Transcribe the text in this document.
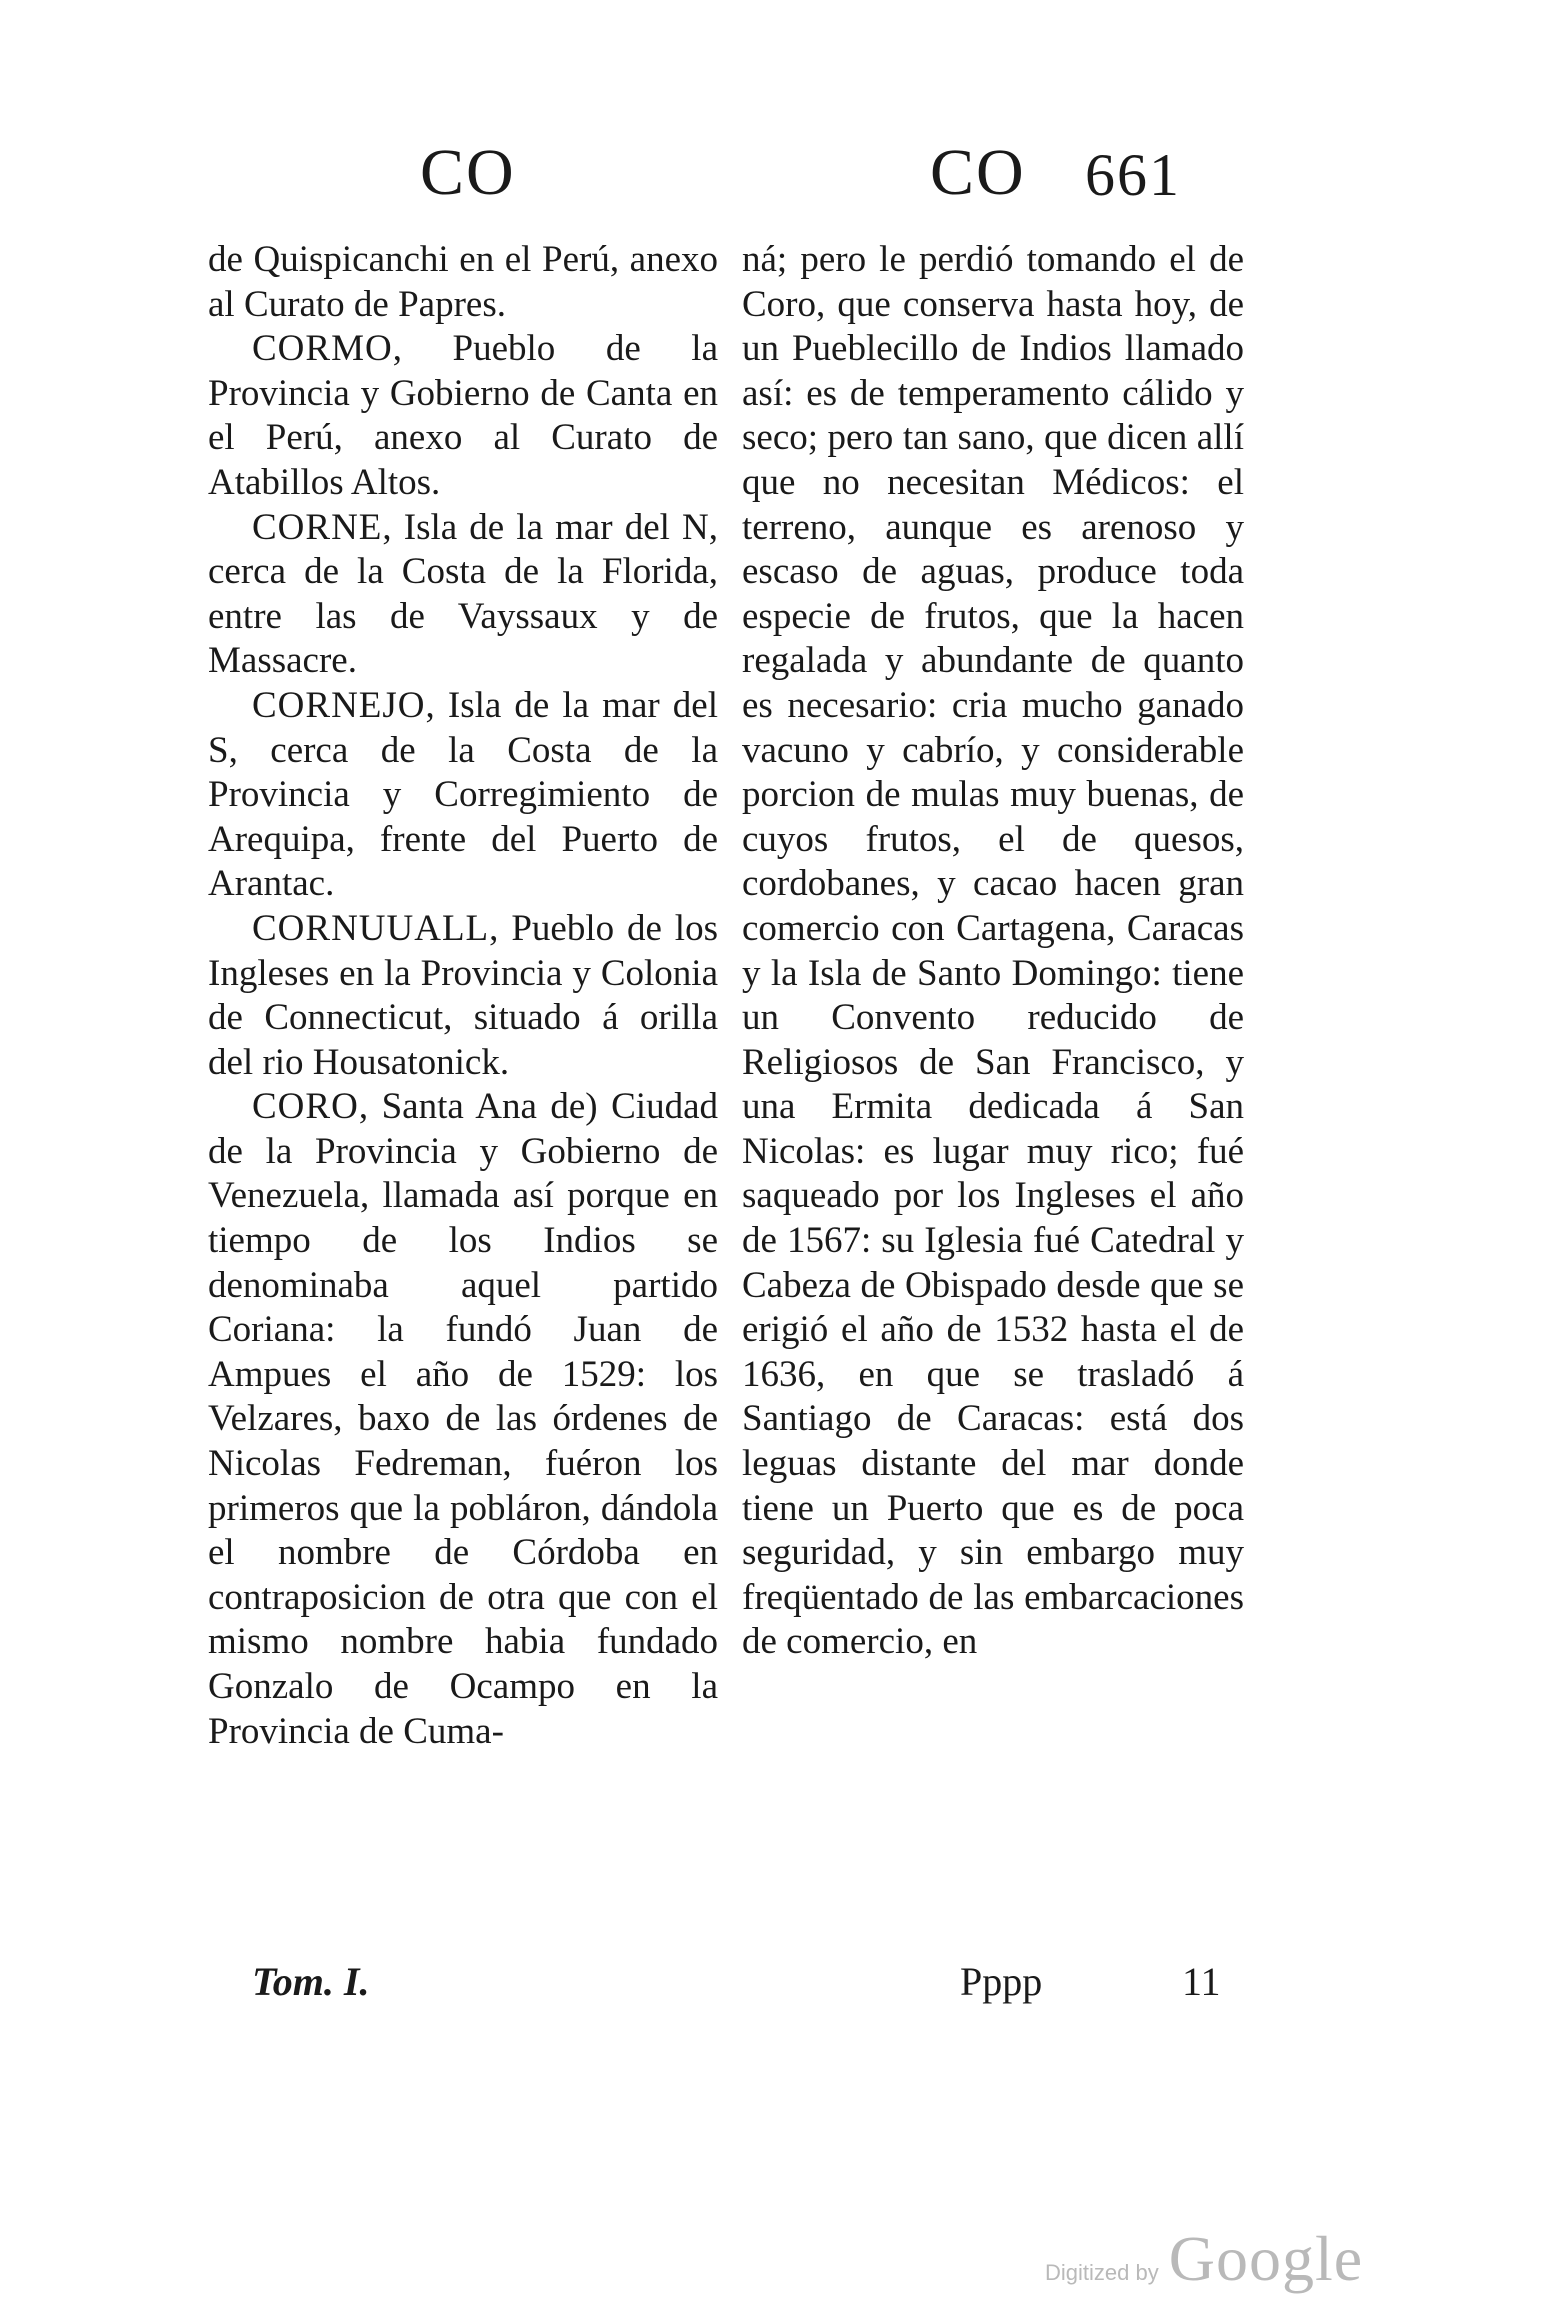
CO	CO 661

de Quispicanchi en el Perú, anexo al Curato de Papres.

CORMO, Pueblo de la Provincia y Gobierno de Canta en el Perú, anexo al Curato de Atabillos Altos.

CORNE, Isla de la mar del N, cerca de la Costa de la Florida, entre las de Vayssaux y de Massacre.

CORNEJO, Isla de la mar del S, cerca de la Costa de la Provincia y Corregimiento de Arequipa, frente del Puerto de Arantac.

CORNUUALL, Pueblo de los Ingleses en la Provincia y Colonia de Connecticut, situado á orilla del rio Housatonick.

CORO, Santa Ana de) Ciudad de la Provincia y Gobierno de Venezuela, llamada así porque en tiempo de los Indios se denominaba aquel partido Coriana: la fundó Juan de Ampues el año de 1529: los Velzares, baxo de las órdenes de Nicolas Fedreman, fuéron los primeros que la pobláron, dándola el nombre de Córdoba en contraposicion de otra que con el mismo nombre habia fundado Gonzalo de Ocampo en la Provincia de Cuma-

ná; pero le perdió tomando el de Coro, que conserva hasta hoy, de un Pueblecillo de Indios llamado así: es de temperamento cálido y seco; pero tan sano, que dicen allí que no necesitan Médicos: el terreno, aunque es arenoso y escaso de aguas, produce toda especie de frutos, que la hacen regalada y abundante de quanto es necesario: cria mucho ganado vacuno y cabrío, y considerable porcion de mulas muy buenas, de cuyos frutos, el de quesos, cordobanes, y cacao hacen gran comercio con Cartagena, Caracas y la Isla de Santo Domingo: tiene un Convento reducido de Religiosos de San Francisco, y una Ermita dedicada á San Nicolas: es lugar muy rico; fué saqueado por los Ingleses el año de 1567: su Iglesia fué Catedral y Cabeza de Obispado desde que se erigió el año de 1532 hasta el de 1636, en que se trasladó á Santiago de Caracas: está dos leguas distante del mar donde tiene un Puerto que es de poca seguridad, y sin embargo muy freqüentado de las embarcaciones de comercio, en

Tom. I.	Pppp	11
Digitized by Google
